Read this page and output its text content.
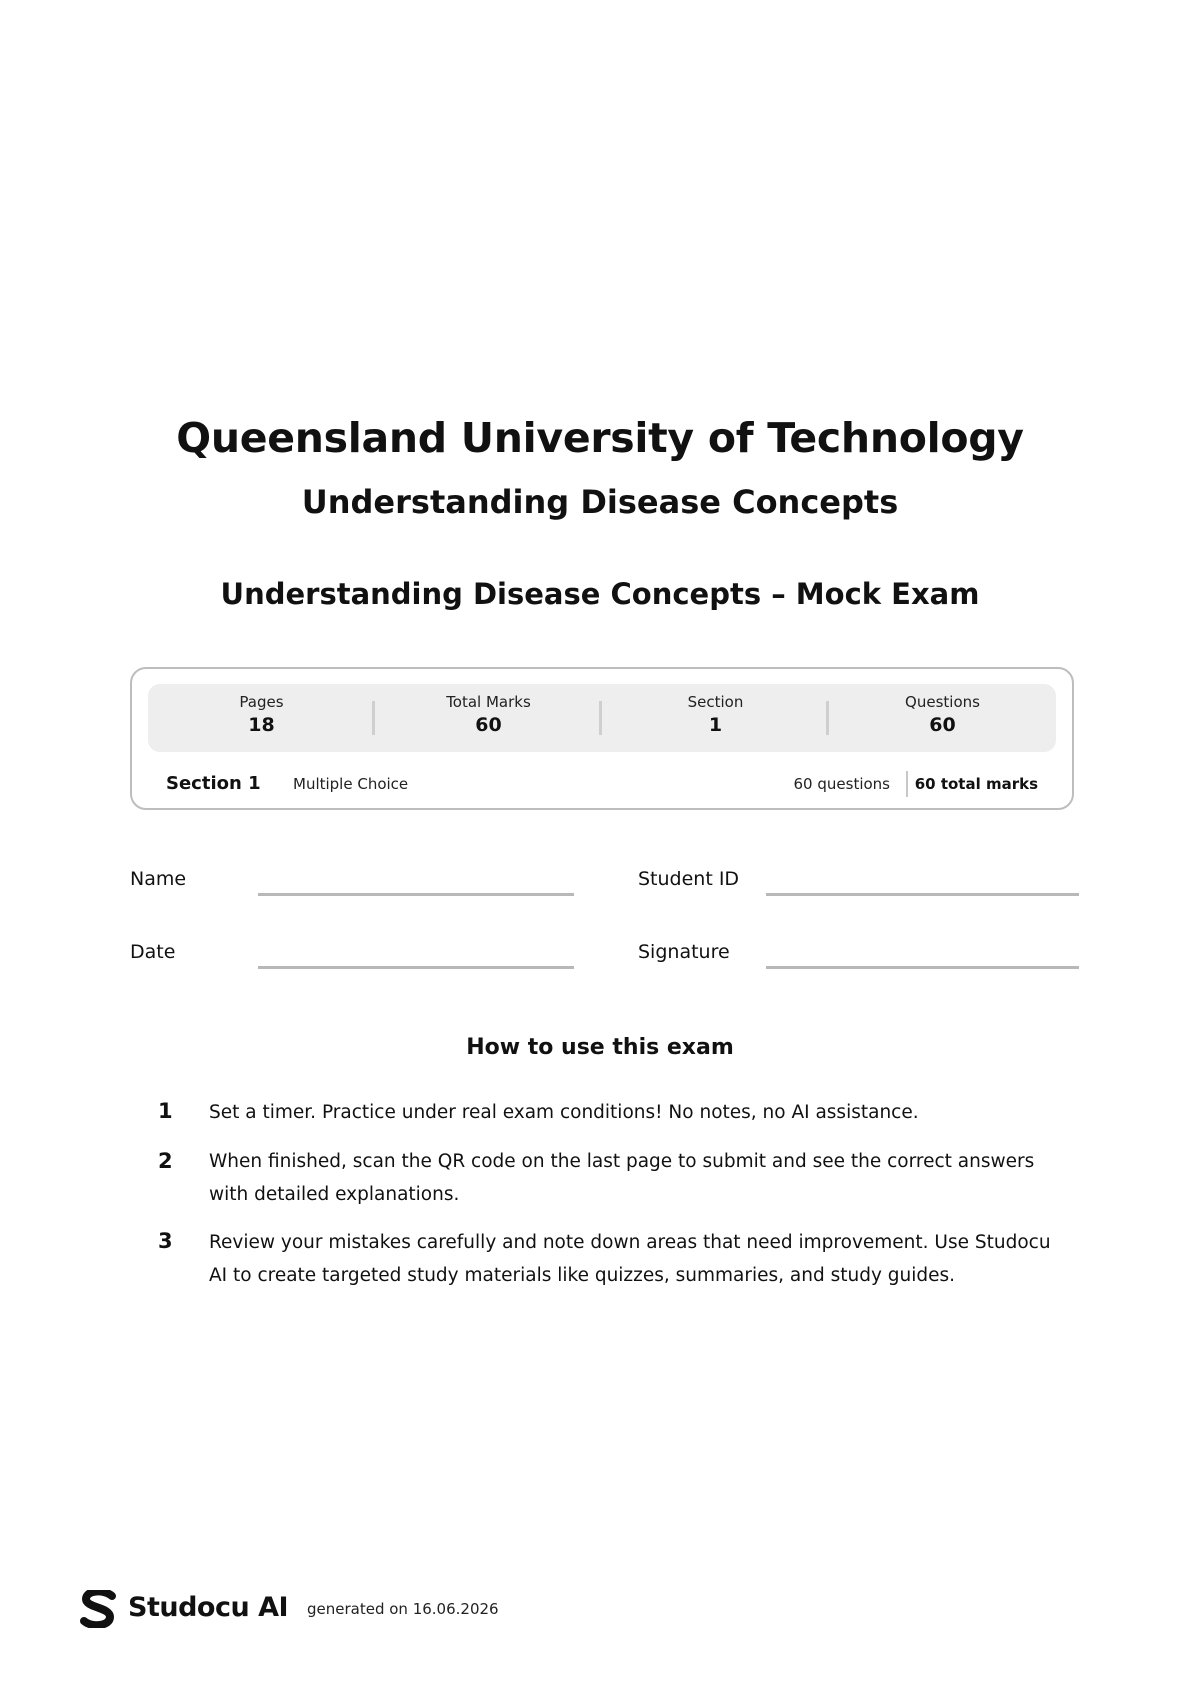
Queensland University of Technology
Understanding Disease Concepts
Understanding Disease Concepts – Mock Exam
Pages
18
Total Marks
60
Section
1
Questions
60
Section 1 Multiple Choice	60 questions 60 total marks
Name	Student ID
Date	Signature
How to use this exam
1 Set a timer. Practice under real exam conditions! No notes, no AI assistance.

2 When finished, scan the QR code on the last page to submit and see the correct answers with detailed explanations.

3 Review your mistakes carefully and note down areas that need improvement. Use Studocu AI to create targeted study materials like quizzes, summaries, and study guides.

Studocu AI generated on 16.06.2026
